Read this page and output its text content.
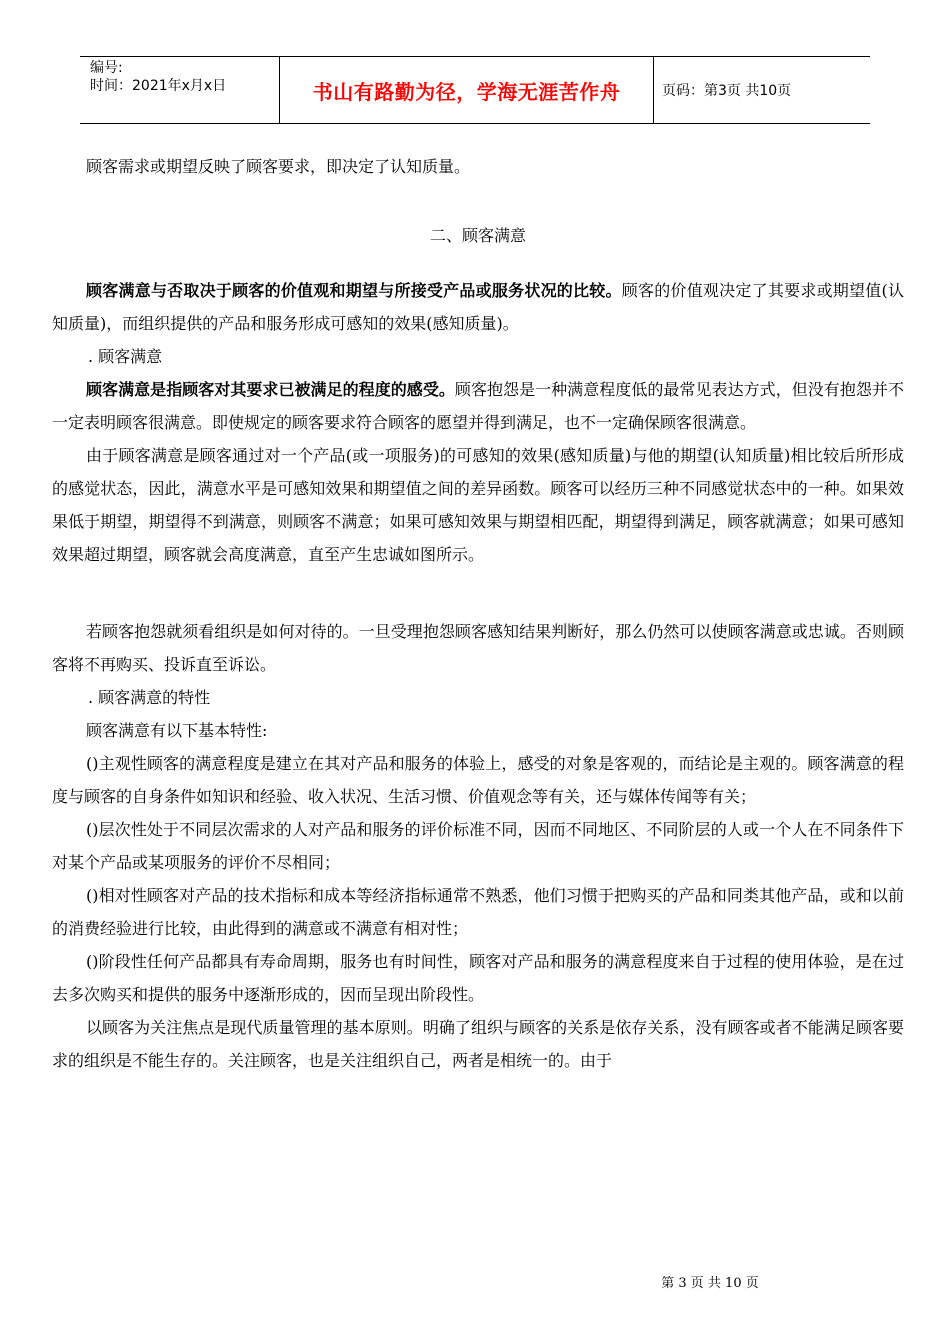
编号:
时间：2021年x月x日	书山有路勤为径，学海无涯苦作舟	页码：第3页 共10页

顾客需求或期望反映了顾客要求，即决定了认知质量。

二、顾客满意

顾客满意与否取决于顾客的价值观和期望与所接受产品或服务状况的比较。顾客的价值观决定了其要求或期望值(认知质量)，而组织提供的产品和服务形成可感知的效果(感知质量)。

. 顾客满意

顾客满意是指顾客对其要求已被满足的程度的感受。顾客抱怨是一种满意程度低的最常见表达方式，但没有抱怨并不一定表明顾客很满意。即使规定的顾客要求符合顾客的愿望并得到满足，也不一定确保顾客很满意。

由于顾客满意是顾客通过对一个产品(或一项服务)的可感知的效果(感知质量)与他的期望(认知质量)相比较后所形成的感觉状态，因此，满意水平是可感知效果和期望值之间的差异函数。顾客可以经历三种不同感觉状态中的一种。如果效果低于期望，期望得不到满意，则顾客不满意；如果可感知效果与期望相匹配，期望得到满足，顾客就满意；如果可感知效果超过期望，顾客就会高度满意，直至产生忠诚如图所示。

若顾客抱怨就须看组织是如何对待的。一旦受理抱怨顾客感知结果判断好，那么仍然可以使顾客满意或忠诚。否则顾客将不再购买、投诉直至诉讼。

. 顾客满意的特性

顾客满意有以下基本特性:

()主观性顾客的满意程度是建立在其对产品和服务的体验上，感受的对象是客观的，而结论是主观的。顾客满意的程度与顾客的自身条件如知识和经验、收入状况、生活习惯、价值观念等有关，还与媒体传闻等有关；

()层次性处于不同层次需求的人对产品和服务的评价标准不同，因而不同地区、不同阶层的人或一个人在不同条件下对某个产品或某项服务的评价不尽相同；

()相对性顾客对产品的技术指标和成本等经济指标通常不熟悉，他们习惯于把购买的产品和同类其他产品，或和以前的消费经验进行比较，由此得到的满意或不满意有相对性；

()阶段性任何产品都具有寿命周期，服务也有时间性，顾客对产品和服务的满意程度来自于过程的使用体验，是在过去多次购买和提供的服务中逐渐形成的，因而呈现出阶段性。

以顾客为关注焦点是现代质量管理的基本原则。明确了组织与顾客的关系是依存关系，没有顾客或者不能满足顾客要求的组织是不能生存的。关注顾客，也是关注组织自己，两者是相统一的。由于

第 3 页 共 10 页
